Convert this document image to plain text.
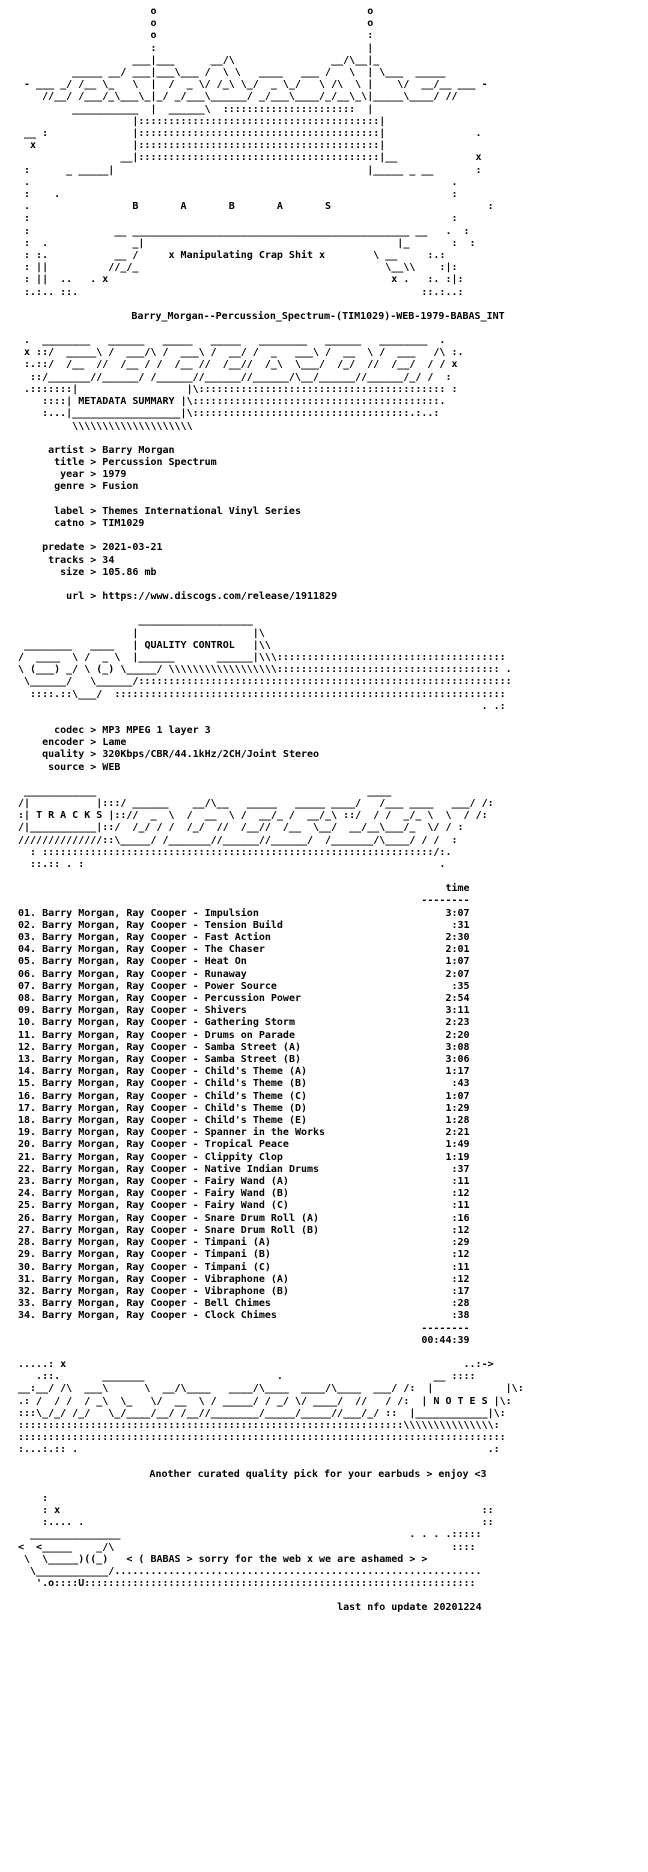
o                                   o
o                                   o
o                                   :
:                                   |
___|___      __/\                __/\__|_
_____ __/ ___|___\___ /  \ \   ____   ___ /   \  | \___  _____
- ___ _/ /__ \_   \  |  /  _ \/ /_\ \_/  _ \_/   \ /\  \ |    \/  __/__ ___ -
//__/ /___/_\___\_|_/ _/___\______/ _/___\____/_/__\_\|_____\____/ //
___________  |  ______\  ::::::::::::::::::::::  |
|::::::::::::::::::::::::::::::::::::::::|
__ :              |::::::::::::::::::::::::::::::::::::::::|               .
x                |::::::::::::::::::::::::::::::::::::::::|
__|::::::::::::::::::::::::::::::::::::::::|__             x
:      _ _____|                                          |_____ _ __       :
.                                                                      .
:    .                                                                 :
.	B       A       B       A       S	:
:                                                                      :
:              __ ______________________________________________ __   .  :
:  .              _|                                          |_       :  :
: :.           __ /	x Manipulating Crap Shit x	\ __     :.:
: ||          //_/_                                         \__\\    :|:
: ||  ..   . x                                               x .   :. :|:
:.:.. ::.                                                         ::.:..:

Barry_Morgan--Percussion_Spectrum-(TIM1029)-WEB-1979-BABAS_INT
.  ________   ______   _____   _____   ________   ______   ________  .
x ::/  _____\ /  ___/\ /  ___\ /  __/ /  _   ___\ /  __  \ /  ___   /\ :.
:.::/  /__  //  /__ / /  /__ //  /__//  /_\  \___/  /_/  //  /__/  / / x
::/_______//______/ /______//______//______/\__/______//______/_/ /  :
.:::::::|                  |\::::::::::::::::::::::::::::::::::::::::: :
::::| METADATA SUMMARY |\:::::::::::::::::::::::::::::::::::::::::.
:...|__________________|\::::::::::::::::::::::::::::::::::::.:..:
\\\\\\\\\\\\\\\\\\\\

artist > Barry Morgan
title > Percussion Spectrum
year > 1979
genre > Fusion

label > Themes International Vinyl Series
catno > TIM1029

predate > 2021-03-21
tracks > 34
size > 105.86 mb

url > https://www.discogs.com/release/1911829

___________________
|                   |\
________   ____   | QUALITY CONTROL   |\\
/  ____  \ /  _ \  |______       ______|\\\::::::::::::::::::::::::::::::::::::::
\ (___) _/ \ (_) \_____/ \\\\\\\\\\\\\\\\\\::::::::::::::::::::::::::::::::::::: .
\______/   \______/::::::::::::::::::::::::::::::::::::::::::::::::::::::::::::::
::::.::\___/  :::::::::::::::::::::::::::::::::::::::::::::::::::::::::::::::::
. .:

codec > MP3 MPEG 1 layer 3
encoder > Lame
quality > 320Kbps/CBR/44.1kHz/2CH/Joint Stereo
source > WEB

____________                                             ____
/|           |:::/ ______    __/\__   _____   _____ ____/   /___ ____   ___/ /:
:| T R A C K S |:://  _  \  /  __  \ /  __/_ /  __/_\ ::/  / /  _/_ \  \  / /:
/|___________|::/  /_/ / /  /_/  //  /__//  /__  \__/  __/__\___/_  \/ / :
//////////////::\_____/ /_______//______//______/  /_______/\____/ / /  :
: :::::::::::::::::::::::::::::::::::::::::::::::::::::::::::::::::/:.
::.:: . :                                                           .

time
--------
01. Barry Morgan, Ray Cooper - Impulsion	3:07
02. Barry Morgan, Ray Cooper - Tension Build	:31
03. Barry Morgan, Ray Cooper - Fast Action	2:30
04. Barry Morgan, Ray Cooper - The Chaser	2:01
05. Barry Morgan, Ray Cooper - Heat On	1:07
06. Barry Morgan, Ray Cooper - Runaway	2:07
07. Barry Morgan, Ray Cooper - Power Source	:35
08. Barry Morgan, Ray Cooper - Percussion Power	2:54
09. Barry Morgan, Ray Cooper - Shivers	3:11
10. Barry Morgan, Ray Cooper - Gathering Storm	2:23
11. Barry Morgan, Ray Cooper - Drums on Parade	2:20
12. Barry Morgan, Ray Cooper - Samba Street (A)	3:08
13. Barry Morgan, Ray Cooper - Samba Street (B)	3:06
14. Barry Morgan, Ray Cooper - Child's Theme (A)	1:17
15. Barry Morgan, Ray Cooper - Child's Theme (B)	:43
16. Barry Morgan, Ray Cooper - Child's Theme (C)	1:07
17. Barry Morgan, Ray Cooper - Child's Theme (D)	1:29
18. Barry Morgan, Ray Cooper - Child's Theme (E)	1:28
19. Barry Morgan, Ray Cooper - Spanner in the Works	2:21
20. Barry Morgan, Ray Cooper - Tropical Peace	1:49
21. Barry Morgan, Ray Cooper - Clippity Clop	1:19
22. Barry Morgan, Ray Cooper - Native Indian Drums	:37
23. Barry Morgan, Ray Cooper - Fairy Wand (A)	:11
24. Barry Morgan, Ray Cooper - Fairy Wand (B)	:12
25. Barry Morgan, Ray Cooper - Fairy Wand (C)	:11
26. Barry Morgan, Ray Cooper - Snare Drum Roll (A)	:16
27. Barry Morgan, Ray Cooper - Snare Drum Roll (B)	:12
28. Barry Morgan, Ray Cooper - Timpani (A)	:29
29. Barry Morgan, Ray Cooper - Timpani (B)	:12
30. Barry Morgan, Ray Cooper - Timpani (C)	:11
31. Barry Morgan, Ray Cooper - Vibraphone (A)	:12
32. Barry Morgan, Ray Cooper - Vibraphone (B)	:17
33. Barry Morgan, Ray Cooper - Bell Chimes	:28
34. Barry Morgan, Ray Cooper - Clock Chimes	:38
--------
00:44:39

.....: x                                                                  ..:->
.::.       _______                      .                         __ ::::
__:__/ /\  ___\      \  __/\____   ____/\____  ____/\____  ___/ /:  |            |\:
.: /  / /  / _\  \_   \/  __  \ / _____/ / _/ \/ ____/  //   / /:  | N O T E S |\:
:::\_/_/ /_/   \_/____/__/ /__//________/_____/_____//___/_/ ::  |____________|\:
::::::::::::::::::::::::::::::::::::::::::::::::::::::::::::::::\\\\\\\\\\\\\\\:
:::::::::::::::::::::::::::::::::::::::::::::::::::::::::::::::::::::::::::::::::
:...:.:: .                                                                    .:

Another curated quality pick for your earbuds > enjoy <3
:
: x                                                                      ::
:.... .                                                                  ::
_______________                                                . . . .:::::
<  <_____    _/\                                                        ::::
\  \_____)((_)   < ( BABAS > sorry for the web x we are ashamed > >
\____________/.............................................................
'.o::::U:::::::::::::::::::::::::::::::::::::::::::::::::::::::::::::::::

last nfo update 20201224
